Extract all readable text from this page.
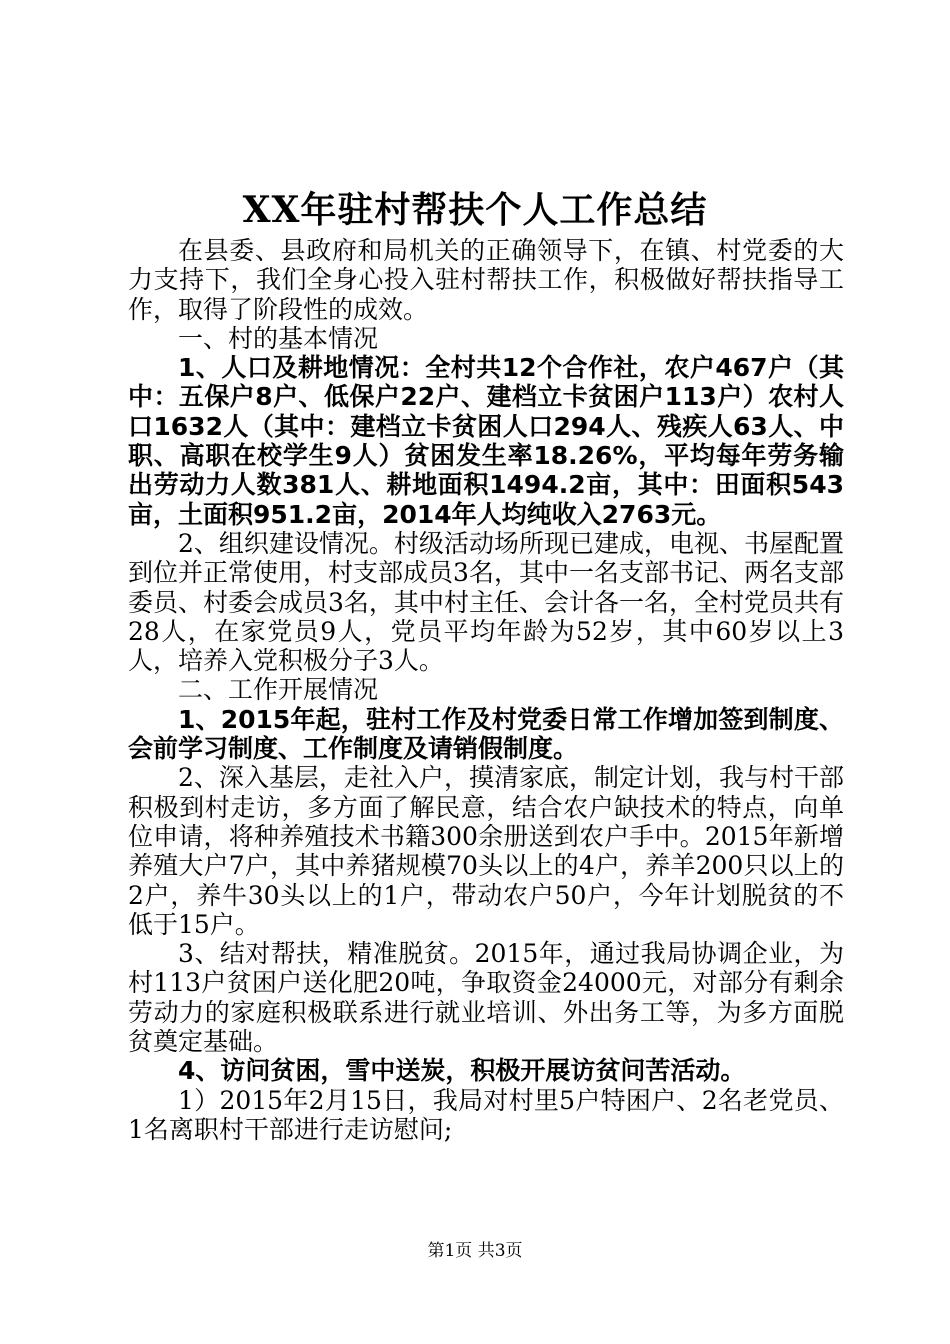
XX年驻村帮扶个人工作总结

在县委、县政府和局机关的正确领导下，在镇、村党委的大力支持下，我们全身心投入驻村帮扶工作，积极做好帮扶指导工作，取得了阶段性的成效。

一、村的基本情况

1、人口及耕地情况：全村共12个合作社，农户467户（其中：五保户8户、低保户22户、建档立卡贫困户113户）农村人口1632人（其中：建档立卡贫困人口294人、残疾人63人、中职、高职在校学生9人）贫困发生率18.26%，平均每年劳务输出劳动力人数381人、耕地面积1494.2亩，其中：田面积543亩，土面积951.2亩，2014年人均纯收入2763元。

2、组织建设情况。村级活动场所现已建成，电视、书屋配置到位并正常使用，村支部成员3名，其中一名支部书记、两名支部委员、村委会成员3名，其中村主任、会计各一名，全村党员共有28人，在家党员9人，党员平均年龄为52岁，其中60岁以上3人，培养入党积极分子3人。

二、工作开展情况

1、2015年起，驻村工作及村党委日常工作增加签到制度、会前学习制度、工作制度及请销假制度。

2、深入基层，走社入户，摸清家底，制定计划，我与村干部积极到村走访，多方面了解民意，结合农户缺技术的特点，向单位申请，将种养殖技术书籍300余册送到农户手中。2015年新增养殖大户7户，其中养猪规模70头以上的4户，养羊200只以上的2户，养牛30头以上的1户，带动农户50户，今年计划脱贫的不低于15户。

3、结对帮扶，精准脱贫。2015年，通过我局协调企业，为村113户贫困户送化肥20吨，争取资金24000元，对部分有剩余劳动力的家庭积极联系进行就业培训、外出务工等，为多方面脱贫奠定基础。

4、访问贫困，雪中送炭，积极开展访贫问苦活动。

1）2015年2月15日，我局对村里5户特困户、2名老党员、1名离职村干部进行走访慰问;

第1页 共3页
